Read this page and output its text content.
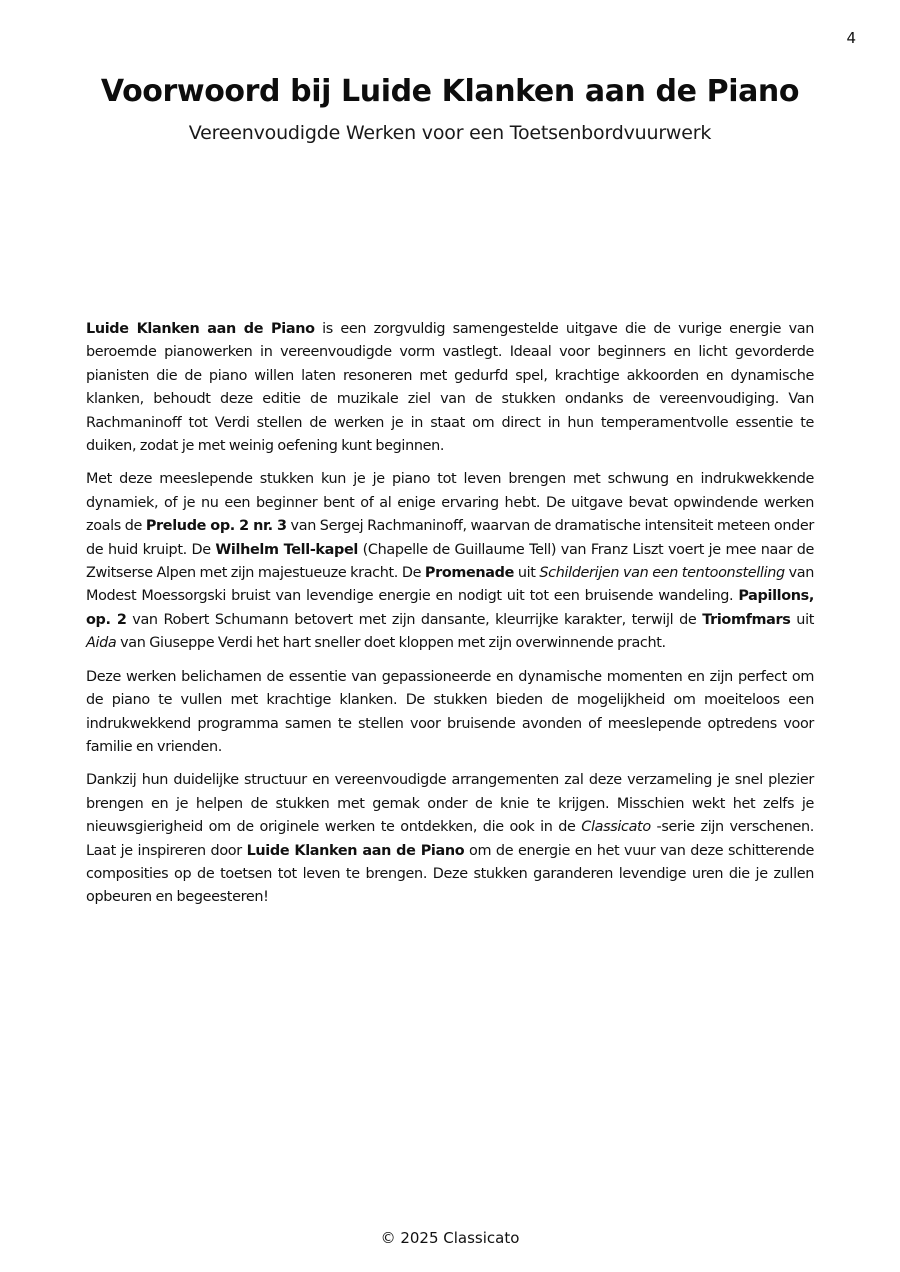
4
Voorwoord bij Luide Klanken aan de Piano
Vereenvoudigde Werken voor een Toetsenbordvuurwerk

Luide Klanken aan de Piano is een zorgvuldig samengestelde uitgave die de vurige energie van beroemde pianowerken in vereenvoudigde vorm vastlegt. Ideaal voor beginners en licht gevorderde pianisten die de piano willen laten resoneren met gedurfd spel, krachtige akkoorden en dynamische klanken, behoudt deze editie de muzikale ziel van de stukken ondanks de vereenvoudiging. Van Rachmaninoff tot Verdi stellen de werken je in staat om direct in hun temperamentvolle essentie te duiken, zodat je met weinig oefening kunt beginnen.

Met deze meeslepende stukken kun je je piano tot leven brengen met schwung en indrukwekkende dynamiek, of je nu een beginner bent of al enige ervaring hebt. De uitgave bevat opwindende werken zoals de Prelude op. 2 nr. 3 van Sergej Rachmaninoff, waarvan de dramatische intensiteit meteen onder de huid kruipt. De Wilhelm Tell-kapel (Chapelle de Guillaume Tell) van Franz Liszt voert je mee naar de Zwitserse Alpen met zijn majestueuze kracht. De Promenade uit Schilderijen van een tentoonstelling van Modest Moessorgski bruist van levendige energie en nodigt uit tot een bruisende wandeling. Papillons, op. 2 van Robert Schumann betovert met zijn dansante, kleurrijke karakter, terwijl de Triomfmars uit Aida van Giuseppe Verdi het hart sneller doet kloppen met zijn overwinnende pracht.

Deze werken belichamen de essentie van gepassioneerde en dynamische momenten en zijn perfect om de piano te vullen met krachtige klanken. De stukken bieden de mogelijkheid om moeiteloos een indrukwekkend programma samen te stellen voor bruisende avonden of meeslepende optredens voor familie en vrienden.

Dankzij hun duidelijke structuur en vereenvoudigde arrangementen zal deze verzameling je snel plezier brengen en je helpen de stukken met gemak onder de knie te krijgen. Misschien wekt het zelfs je nieuwsgierigheid om de originele werken te ontdekken, die ook in de Classicato -serie zijn verschenen. Laat je inspireren door Luide Klanken aan de Piano om de energie en het vuur van deze schitterende composities op de toetsen tot leven te brengen. Deze stukken garanderen levendige uren die je zullen opbeuren en begeesteren!

© 2025 Classicato
